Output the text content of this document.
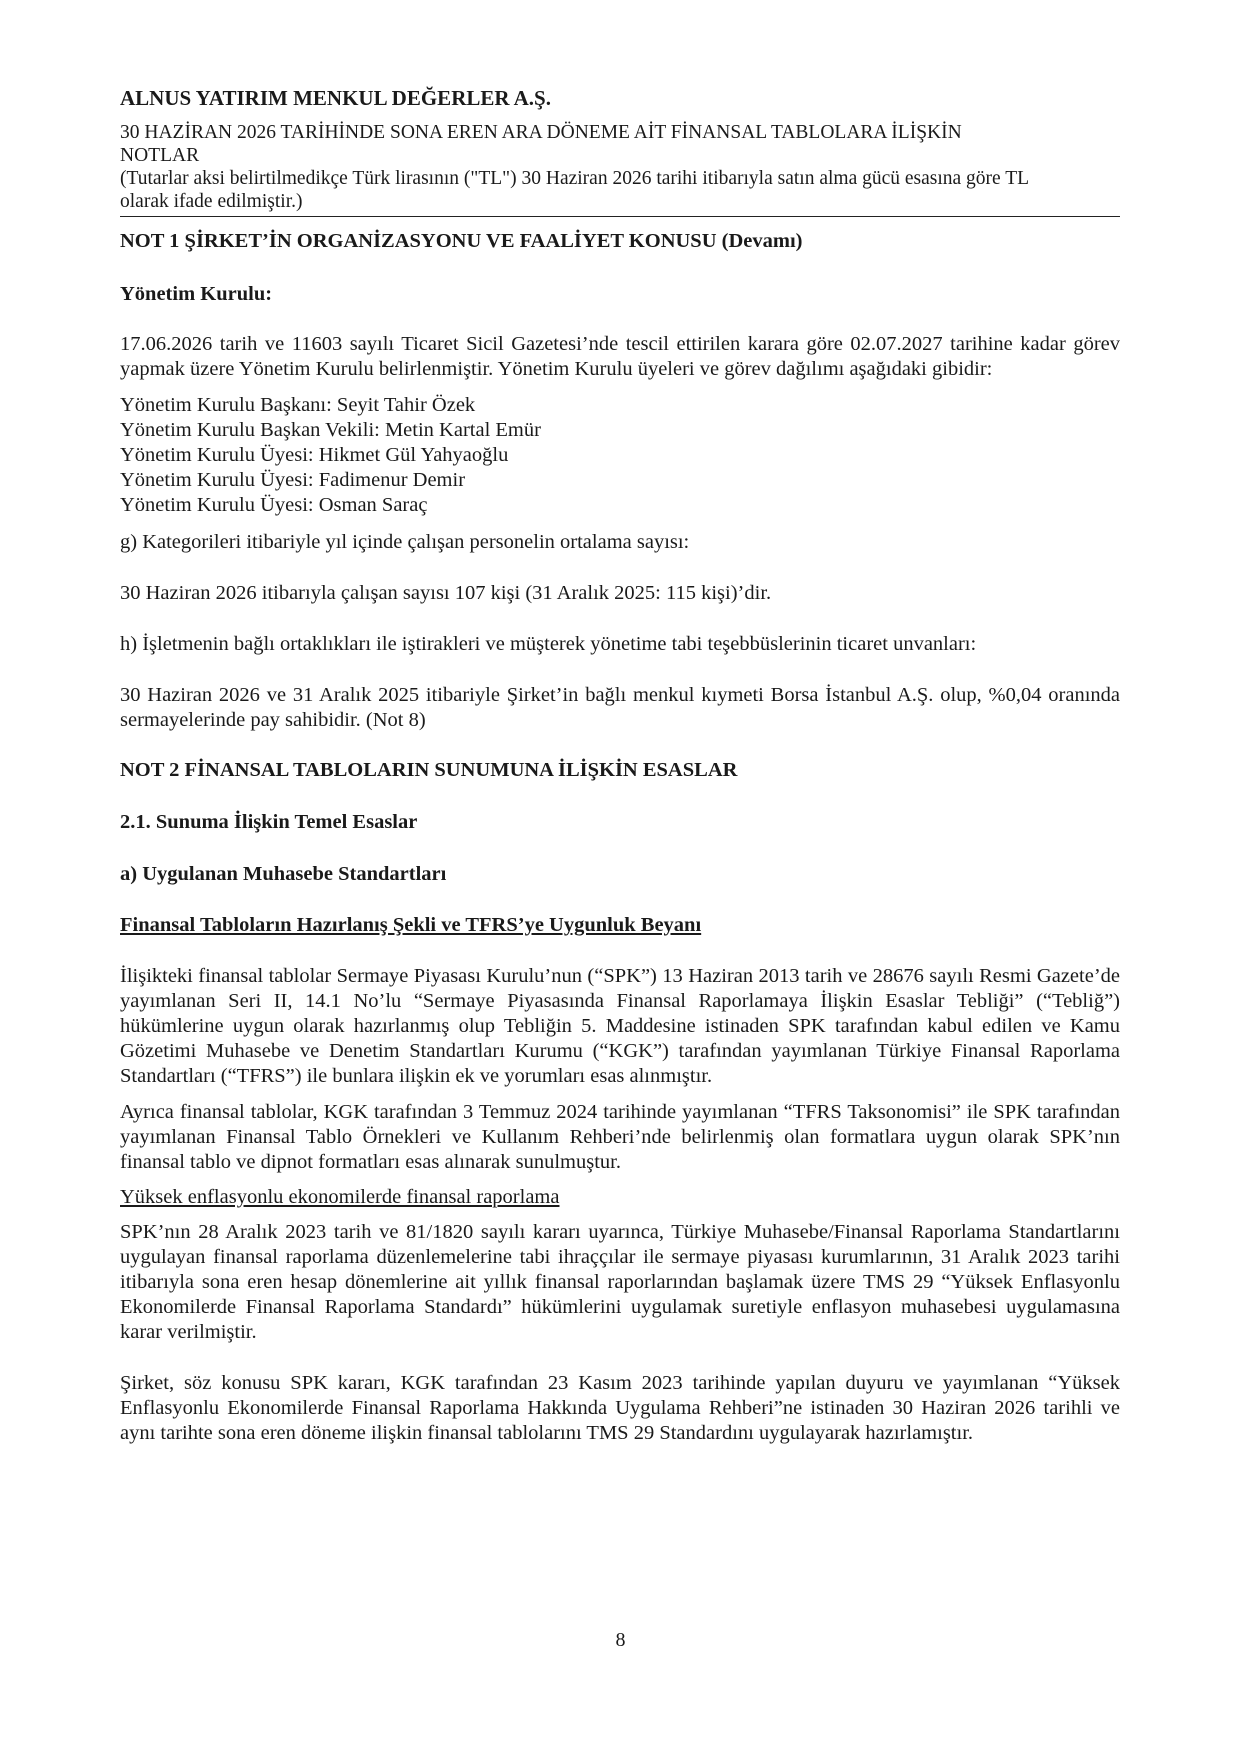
ALNUS YATIRIM MENKUL DEĞERLER A.Ş.

30 HAZİRAN 2026 TARİHİNDE SONA EREN ARA DÖNEME AİT FİNANSAL TABLOLARA İLİŞKİN

NOTLAR

(Tutarlar aksi belirtilmedikçe Türk lirasının ("TL") 30 Haziran 2026 tarihi itibarıyla satın alma gücü esasına göre TL

olarak ifade edilmiştir.)

NOT 1 ŞİRKET’İN ORGANİZASYONU VE FAALİYET KONUSU (Devamı)

Yönetim Kurulu:

17.06.2026 tarih ve 11603 sayılı Ticaret Sicil Gazetesi’nde tescil ettirilen karara göre 02.07.2027 tarihine kadar görev yapmak üzere Yönetim Kurulu belirlenmiştir. Yönetim Kurulu üyeleri ve görev dağılımı aşağıdaki gibidir:

Yönetim Kurulu Başkanı: Seyit Tahir Özek
Yönetim Kurulu Başkan Vekili: Metin Kartal Emür
Yönetim Kurulu Üyesi: Hikmet Gül Yahyaoğlu
Yönetim Kurulu Üyesi: Fadimenur Demir
Yönetim Kurulu Üyesi: Osman Saraç

g) Kategorileri itibariyle yıl içinde çalışan personelin ortalama sayısı:

30 Haziran 2026 itibarıyla çalışan sayısı 107 kişi (31 Aralık 2025: 115 kişi)’dir.

h) İşletmenin bağlı ortaklıkları ile iştirakleri ve müşterek yönetime tabi teşebbüslerinin ticaret unvanları:

30 Haziran 2026 ve 31 Aralık 2025 itibariyle Şirket’in bağlı menkul kıymeti Borsa İstanbul A.Ş. olup, %0,04 oranında sermayelerinde pay sahibidir. (Not 8)

NOT 2 FİNANSAL TABLOLARIN SUNUMUNA İLİŞKİN ESASLAR

2.1. Sunuma İlişkin Temel Esaslar

a) Uygulanan Muhasebe Standartları

Finansal Tabloların Hazırlanış Şekli ve TFRS’ye Uygunluk Beyanı

İlişikteki finansal tablolar Sermaye Piyasası Kurulu’nun (“SPK”) 13 Haziran 2013 tarih ve 28676 sayılı Resmi Gazete’de yayımlanan Seri II, 14.1 No’lu “Sermaye Piyasasında Finansal Raporlamaya İlişkin Esaslar Tebliği” (“Tebliğ”) hükümlerine uygun olarak hazırlanmış olup Tebliğin 5. Maddesine istinaden SPK tarafından kabul edilen ve Kamu Gözetimi Muhasebe ve Denetim Standartları Kurumu (“KGK”) tarafından yayımlanan Türkiye Finansal Raporlama Standartları (“TFRS”) ile bunlara ilişkin ek ve yorumları esas alınmıştır.

Ayrıca finansal tablolar, KGK tarafından 3 Temmuz 2024 tarihinde yayımlanan “TFRS Taksonomisi” ile SPK tarafından yayımlanan Finansal Tablo Örnekleri ve Kullanım Rehberi’nde belirlenmiş olan formatlara uygun olarak SPK’nın finansal tablo ve dipnot formatları esas alınarak sunulmuştur.

Yüksek enflasyonlu ekonomilerde finansal raporlama

SPK’nın 28 Aralık 2023 tarih ve 81/1820 sayılı kararı uyarınca, Türkiye Muhasebe/Finansal Raporlama Standartlarını uygulayan finansal raporlama düzenlemelerine tabi ihraççılar ile sermaye piyasası kurumlarının, 31 Aralık 2023 tarihi itibarıyla sona eren hesap dönemlerine ait yıllık finansal raporlarından başlamak üzere TMS 29 “Yüksek Enflasyonlu Ekonomilerde Finansal Raporlama Standardı” hükümlerini uygulamak suretiyle enflasyon muhasebesi uygulamasına karar verilmiştir.

Şirket, söz konusu SPK kararı, KGK tarafından 23 Kasım 2023 tarihinde yapılan duyuru ve yayımlanan “Yüksek Enflasyonlu Ekonomilerde Finansal Raporlama Hakkında Uygulama Rehberi”ne istinaden 30 Haziran 2026 tarihli ve aynı tarihte sona eren döneme ilişkin finansal tablolarını TMS 29 Standardını uygulayarak hazırlamıştır.

8
